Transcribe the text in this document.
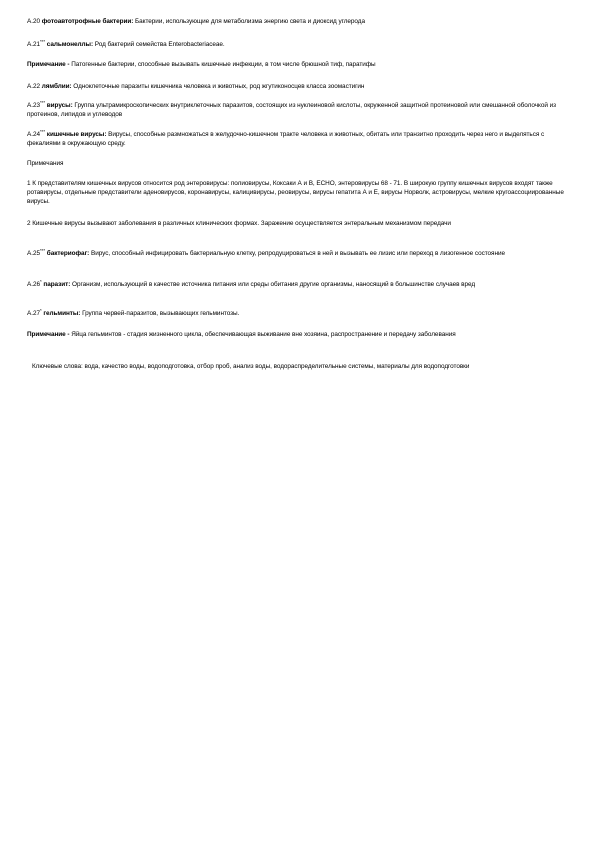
А.20 фотоавтотрофные бактерии: Бактерии, использующие для метаболизма энергию света и диоксид углерода

А.21*** сальмонеллы: Род бактерий семейства Enterobacteriaceae.

Примечание - Патогенные бактерии, способные вызывать кишечные инфекции, в том числе брюшной тиф, паратифы

А.22 лямблии: Одноклеточные паразиты кишечника человека и животных, род жгутиконосцев класса зоомастигин

А.23*** вирусы: Группа ультрамикроскопических внутриклеточных паразитов, состоящих из нуклеиновой кислоты, окруженной защитной протеиновой или смешанной оболочкой из протеинов, липидов и углеводов

А.24*** кишечные вирусы: Вирусы, способные размножаться в желудочно-кишечном тракте человека и животных, обитать или транзитно проходить через него и выделяться с фекалиями в окружающую среду.

Примечания

1 К представителям кишечных вирусов относится род энтеровирусы: полиовирусы, Коксаки А и В, ЕСНО, энтеровирусы 68 - 71. В широкую группу кишечных вирусов входят также ротавирусы, отдельные представители аденовирусов, коронавирусы, калицивирусы, реовирусы, вирусы гепатита А и Е, вирусы Норволк, астровирусы, мелкие кругоассоциированные вирусы.

2 Кишечные вирусы вызывают заболевания в различных клинических формах. Заражение осуществляется энтеральным механизмом передачи

А.25*** бактериофаг: Вирус, способный инфицировать бактериальную клетку, репродуцироваться в ней и вызывать ее лизис или переход в лизогенное состояние

А.26* паразит: Организм, использующий в качестве источника питания или среды обитания другие организмы, наносящий в большинстве случаев вред

А.27* гельминты: Группа червей-паразитов, вызывающих гельминтозы.

Примечание - Яйца гельминтов - стадия жизненного цикла, обеспечивающая выживание вне хозяина, распространение и передачу заболевания

Ключевые слова: вода, качество воды, водоподготовка, отбор проб, анализ воды, водораспределительные системы, материалы для водоподготовки
